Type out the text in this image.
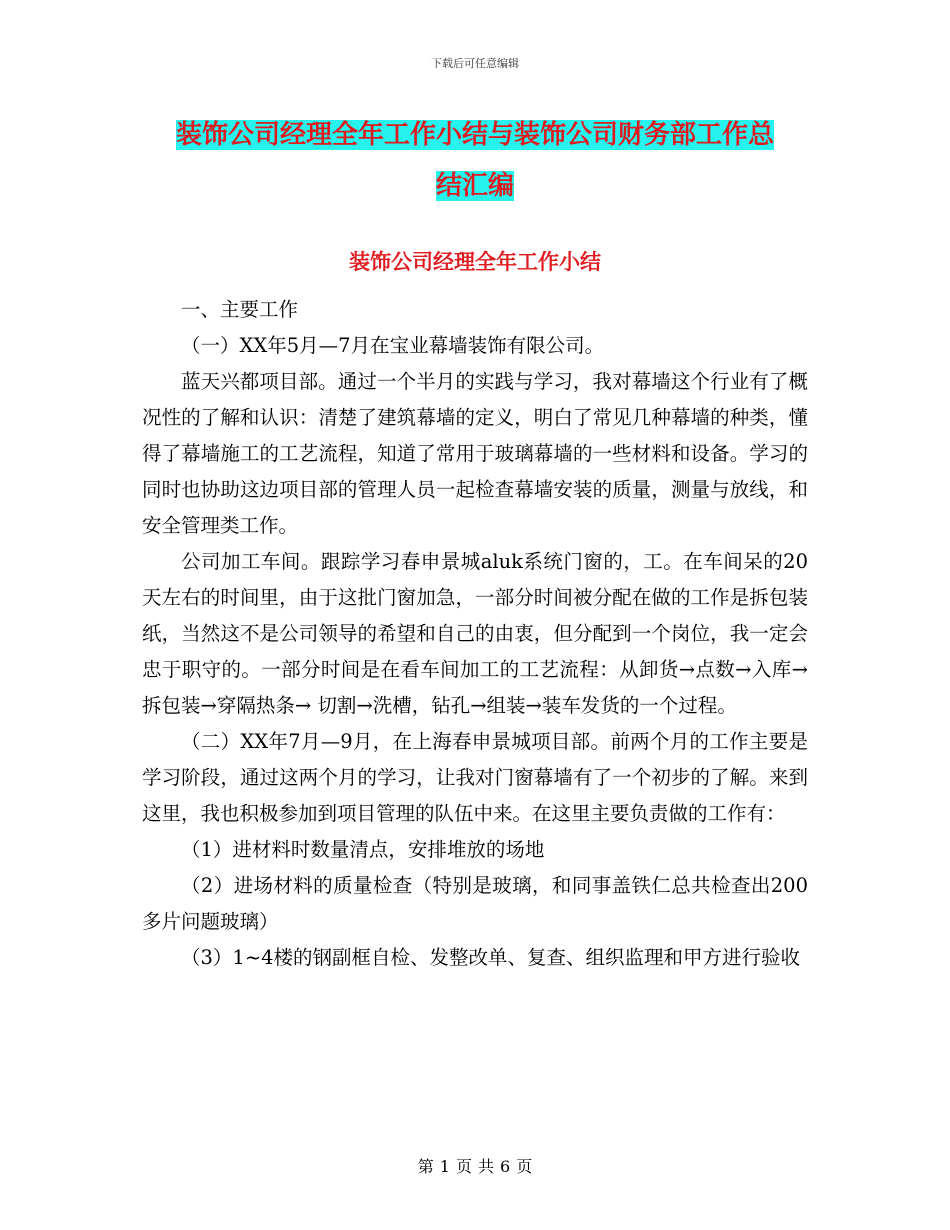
下载后可任意编辑
装饰公司经理全年工作小结与装饰公司财务部工作总
结汇编
装饰公司经理全年工作小结

一、主要工作

（一）XX年5月—7月在宝业幕墙装饰有限公司。

蓝天兴都项目部。通过一个半月的实践与学习，我对幕墙这个行业有了概况性的了解和认识：清楚了建筑幕墙的定义，明白了常见几种幕墙的种类，懂得了幕墙施工的工艺流程，知道了常用于玻璃幕墙的一些材料和设备。学习的同时也协助这边项目部的管理人员一起检查幕墙安装的质量，测量与放线，和安全管理类工作。

公司加工车间。跟踪学习春申景城aluk系统门窗的，工。在车间呆的20天左右的时间里，由于这批门窗加急，一部分时间被分配在做的工作是拆包装纸，当然这不是公司领导的希望和自己的由衷，但分配到一个岗位，我一定会忠于职守的。一部分时间是在看车间加工的工艺流程：从卸货→点数→入库→拆包装→穿隔热条→ 切割→洗槽，钻孔→组装→装车发货的一个过程。

（二）XX年7月—9月，在上海春申景城项目部。前两个月的工作主要是学习阶段，通过这两个月的学习，让我对门窗幕墙有了一个初步的了解。来到这里，我也积极参加到项目管理的队伍中来。在这里主要负责做的工作有：

（1）进材料时数量清点，安排堆放的场地

（2）进场材料的质量检查（特别是玻璃，和同事盖铁仁总共检查出200多片问题玻璃）

（3）1~4楼的钢副框自检、发整改单、复查、组织监理和甲方进行验收

第 1 页 共 6 页
